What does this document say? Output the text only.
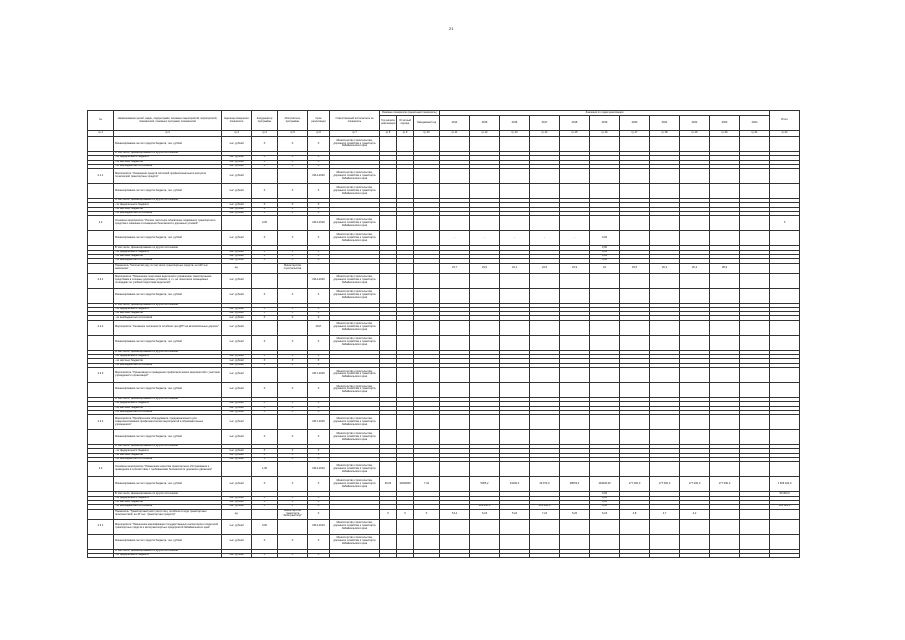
21
№	Наименование целей, задач, подпрограмм, основных мероприятий, мероприятий, показателей, основных программ, показателей	Единица измерения показателя	Координатор программы	Исполнитель программы	Срок реализации	Ответственный исполнитель за показатель	Базовые показатели (оценочный показатель)			Значения по годам реализации											Итого	
							Год начала реализации	Отчетный период	Ожидаемый год	2014	2015	2016	2017	2018	2019	2020	2021	2022	2023	2024		
гр.1	гр.2	гр.3	гр.4	гр.5	гр.6	гр.7	гр.8	гр.9	гр.10	гр.11	гр.12	гр.13	гр.14	гр.15	гр.16	гр.17	гр.18	гр.19	гр.20	гр.21	гр.22	
	Финансирование за счет средств бюджета, тыс. рублей	тыс. рублей	X	X	X	Министерство строительства, дорожного хозяйства и транспорта Забайкальского края																
	В том числе, финансирование из других источников																					
	- из федерального бюджета	тыс. рублей	X	X	X																	
	- из местных бюджетов	тыс. рублей	X	X	X																	
	- из внебюджетных источников	тыс. рублей	X	X	X																	
2.1.1	Мероприятие "Оснащение средств системой профессионального контроля технической транспортных средств"	тыс. рублей			2014-2020	Министерство строительства, дорожного хозяйства и транспорта Забайкальского края																
	Финансирование за счет средств бюджета, тыс. рублей	тыс. рублей	X	X	X	Министерство строительства, дорожного хозяйства и транспорта Забайкальского края																
	В том числе, финансирование из других источников																					
	- из федерального бюджета	тыс. рублей	X	X	X																	
	- из местных бюджетов	тыс. рублей	X	X	X																	
	- из внебюджетных источников	тыс. рублей	X	X	X																	
2.2	Основное мероприятие "Полное частичное обновление подвижного транспортного средства и снижение в оснащении безопасности дорожных условий"		0,00		2014-2020	Министерство строительства, дорожного хозяйства и транспорта Забайкальского края															X	
	Финансирование за счет средств бюджета, тыс. рублей	тыс. рублей	X	X	X	Министерство строительства, дорожного хозяйства и транспорта Забайкальского края				-	-	-	-	-	0,00							
	В том числе, финансирование из других источников														0,00							
	- из федерального бюджета	тыс. рублей	X	X	X										0,00							
	- из местных бюджетов	тыс. рублей	X	X	X										0,00							
	- из внебюджетных источников	тыс. рублей	X	X	X										0,00							
	Показатель "Количество (ед.) в том числе транспортных средств, на 100 тыс. населения"	ед.		Министерство строительства						24,7	23,6	24,1	24,6	24,9	24	23,5	20,4	20,4	28,9			
2.2.1	Мероприятие "Повышение подготовки водителей к управлению транспортными средствами в сложных дорожных условиях, в т.ч. на технически оснащенных площадках по учебной подготовке водителей"	тыс. рублей			2014-2020	Министерство строительства, дорожного хозяйства и транспорта Забайкальского края																
	Финансирование за счет средств бюджета, тыс. рублей	тыс. рублей	X	X	X	Министерство строительства, дорожного хозяйства и транспорта Забайкальского края																
	В том числе, финансирование из других источников																					
	- из федерального бюджета	тыс. рублей	X	X	X																	
	- из местных бюджетов	тыс. рублей	X	X	X																	
	- из внебюджетных источников	тыс. рублей	X	X	X																	
2.2.2	Мероприятие "Снижение численности погибших при ДТП на автомобильных дорогах"	тыс. рублей			2017	Министерство строительства, дорожного хозяйства и транспорта Забайкальского края																
	Финансирование за счет средств бюджета, тыс. рублей	тыс. рублей	X	X	X	Министерство строительства, дорожного хозяйства и транспорта Забайкальского края																
	В том числе, финансирование из других источников																					
	- из федерального бюджета	тыс. рублей	X	X	X																	
	- из местных бюджетов	тыс. рублей	X	X	X																	
	- из внебюджетных источников	тыс. рублей	X	X	X																	
2.2.3	Мероприятие "Организация и проведение профилактических мероприятий с участием учреждений и организаций"	тыс. рублей			2017-2020	Министерство строительства, дорожного хозяйства и транспорта Забайкальского края																
	Финансирование за счет средств бюджета, тыс. рублей	тыс. рублей	X	X	X	Министерство строительства, дорожного хозяйства и транспорта Забайкальского края																
	В том числе, финансирование из других источников																					
	- из федерального бюджета	тыс. рублей	X	X	X																	
	- из местных бюджетов	тыс. рублей	X	X	X																	
	- из внебюджетных источников	тыс. рублей	X	X	X																	
2.2.4	Мероприятие "Приобретение оборудования, предназначенного для совершенствования профилактических мероприятий в образовательных учреждениях"	тыс. рублей			2017-2020	Министерство строительства, дорожного хозяйства и транспорта Забайкальского края																
	Финансирование за счет средств бюджета, тыс. рублей	тыс. рублей	X	X	X	Министерство строительства, дорожного хозяйства и транспорта Забайкальского края																
	В том числе, финансирование из других источников																					
	- из федерального бюджета	тыс. рублей	X	X	X																	
	- из местных бюджетов	тыс. рублей	X	X	X																	
	- из внебюджетных источников	тыс. рублей	X	X	X																	
2.3	Основное мероприятие "Повышение качества транспортного обслуживания и приведение в соответствие с требованиями безопасности дорожного движения"		1,00		2014-2024	Министерство строительства, дорожного хозяйства и транспорта Забайкальского края																
	Финансирование за счет средств бюджета, тыс. рублей	тыс. рублей	X	X	X	Министерство строительства, дорожного хозяйства и транспорта Забайкальского края	60,00	11000000	7,44		5005,2	21000,0	29 972,9	38053,3	103000,00	177 000,0	177 000,0	177 000,0	177 000,0		1 609 324,0	
	В том числе, финансирование из других источников														0,00						99 360,0	
	- из федерального бюджета	тыс. рублей	X	X	X										0,00							
	- из местных бюджетов	тыс. рублей	X	X	X										0,00							
	- из внебюджетных источников	тыс. рублей	X	X	X						109 000,0		101 000,0		0,00						101 000,0	
	Показатель "Транспортный риск (число лиц, погибших в ходе транспортных происшествий, на 10 тыс. транспортных средств)"	ед.		Министерство транспорта "Автотранспорт"	X		X	X	X	5,14	5,24	5,24	7,24	5,26	5,24	4,8	4,7	4,2				
2.3.1	Мероприятие "Повышение квалификации государственных инспекторов и водителей транспортных средств и автотранспортных предприятий Забайкальского края"	тыс. рублей	0,00		2014-2024	Министерство строительства, дорожного хозяйства и транспорта Забайкальского края																
	Финансирование за счет средств бюджета, тыс. рублей	тыс. рублей	X	X	X	Министерство строительства, дорожного хозяйства и транспорта Забайкальского края																
	В том числе, финансирование из других источников																					
	- из федерального бюджета	тыс. рублей	X	X	X																	
